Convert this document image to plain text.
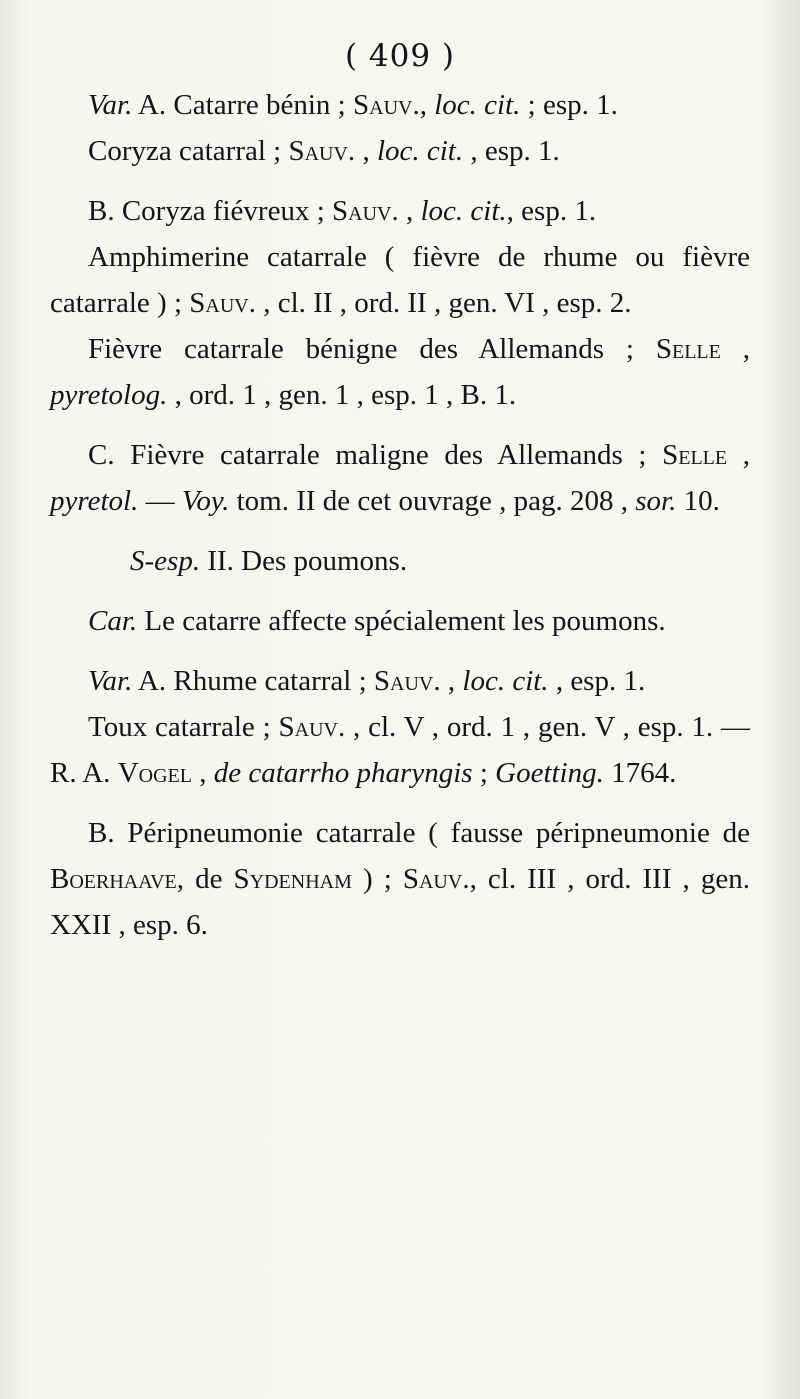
( 409 )

Var. A. Catarre bénin ; Sauv., loc. cit. ; esp. 1.

Coryza catarral ; Sauv. , loc. cit. , esp. 1.

B. Coryza fiévreux ; Sauv. , loc. cit., esp. 1.

Amphimerine catarrale ( fièvre de rhume ou fièvre catarrale ) ; Sauv. , cl. II , ord. II , gen. VI , esp. 2.

Fièvre catarrale bénigne des Allemands ; Selle , pyretolog. , ord. 1 , gen. 1 , esp. 1 , B. 1.

C. Fièvre catarrale maligne des Allemands ; Selle , pyretol. — Voy. tom. II de cet ouvrage , pag. 208 , sor. 10.

S-esp. II. Des poumons.

Car. Le catarre affecte spécialement les poumons.

Var. A. Rhume catarral ; Sauv. , loc. cit. , esp. 1.

Toux catarrale ; Sauv. , cl. V , ord. 1 , gen. V , esp. 1. — R. A. Vogel , de catarrho pharyngis ; Goetting. 1764.

B. Péripneumonie catarrale ( fausse péripneumonie de Boerhaave, de Sydenham ) ; Sauv., cl. III , ord. III , gen. XXII , esp. 6.
